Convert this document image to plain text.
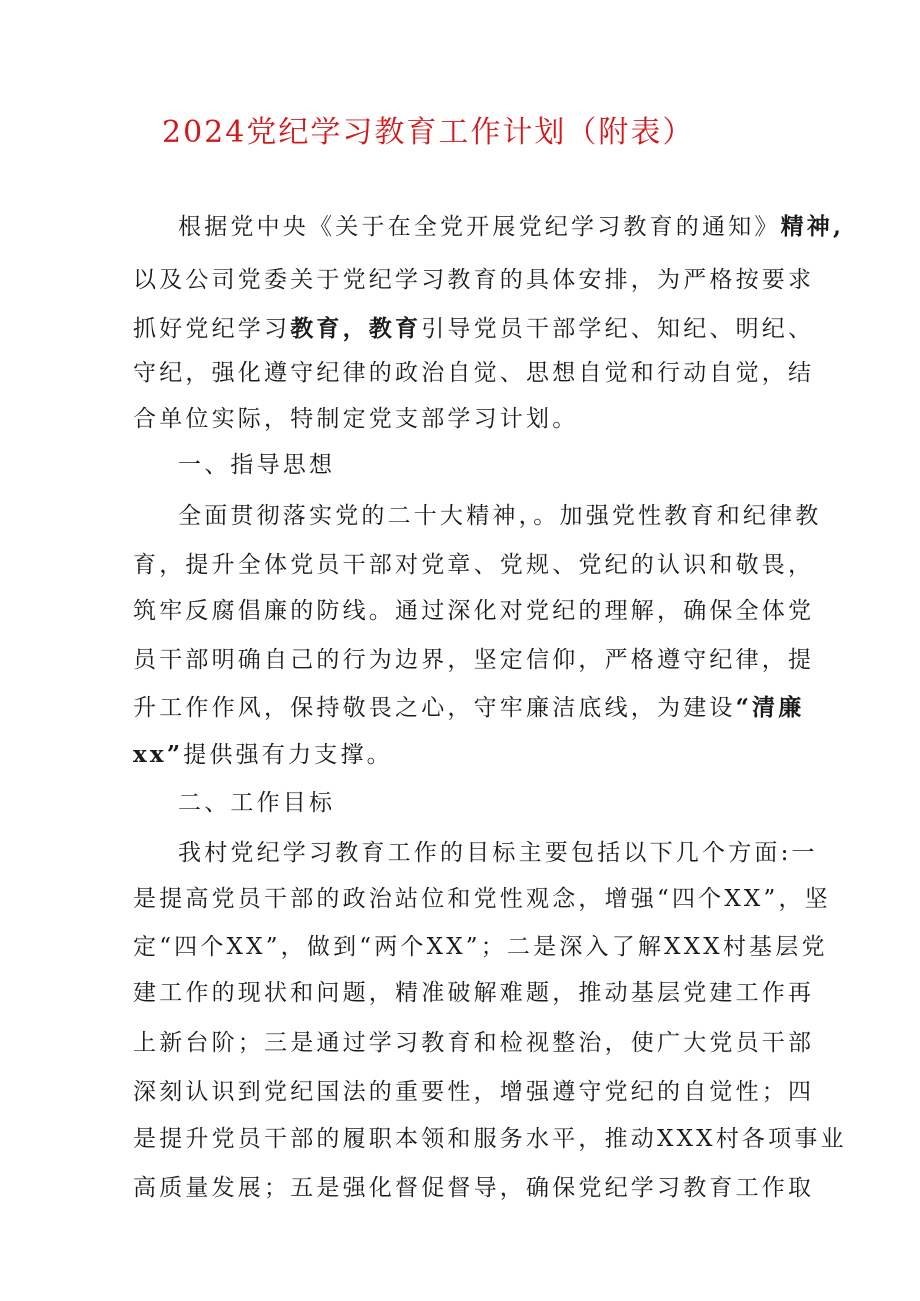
2024党纪学习教育工作计划（附表）

根据党中央《关于在全党开展党纪学习教育的通知》精神,

以及公司党委关于党纪学习教育的具体安排，为严格按要求

抓好党纪学习教育，教育引导党员干部学纪、知纪、明纪、

守纪，强化遵守纪律的政治自觉、思想自觉和行动自觉，结

合单位实际，特制定党支部学习计划。

一、指导思想

全面贯彻落实党的二十大精神，。加强党性教育和纪律教

育，提升全体党员干部对党章、党规、党纪的认识和敬畏，

筑牢反腐倡廉的防线。通过深化对党纪的理解，确保全体党

员干部明确自己的行为边界，坚定信仰，严格遵守纪律，提

升工作作风，保持敬畏之心，守牢廉洁底线，为建设“清廉

xx”提供强有力支撑。

二、工作目标

我村党纪学习教育工作的目标主要包括以下几个方面:一

是提高党员干部的政治站位和党性观念，增强“四个XX”，坚

定“四个XX”，做到“两个XX”；二是深入了解XXX村基层党

建工作的现状和问题，精准破解难题，推动基层党建工作再

上新台阶；三是通过学习教育和检视整治，使广大党员干部

深刻认识到党纪国法的重要性，增强遵守党纪的自觉性；四

是提升党员干部的履职本领和服务水平，推动XXX村各项事业

高质量发展；五是强化督促督导，确保党纪学习教育工作取
